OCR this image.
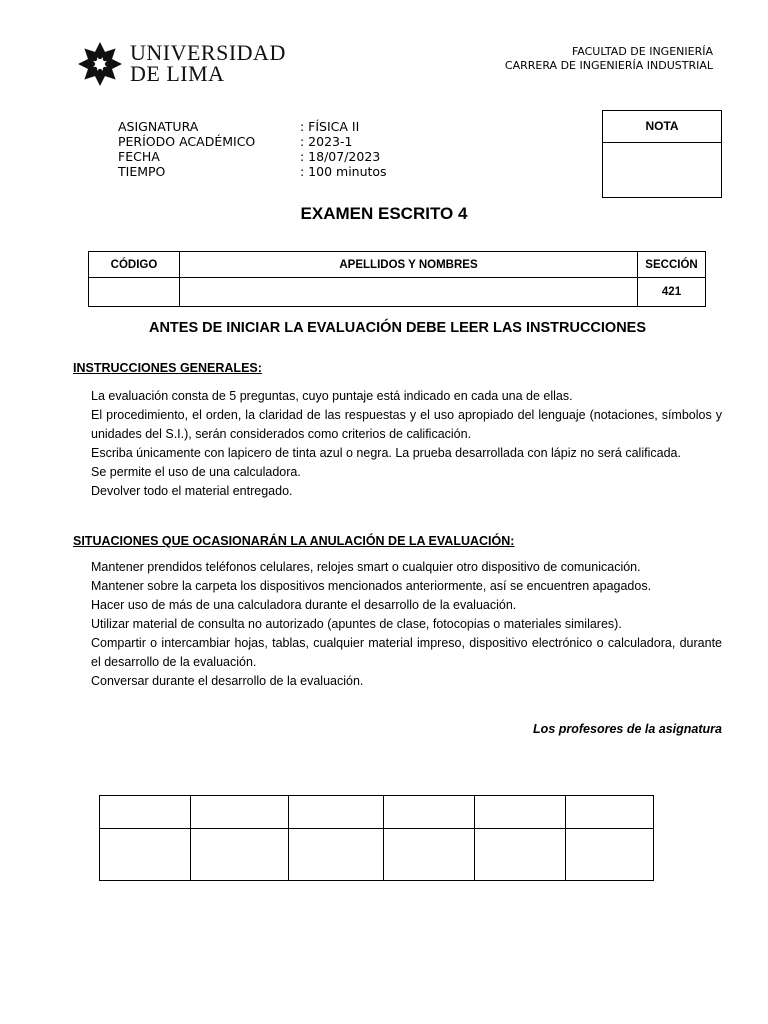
UNIVERSIDAD
DE LIMA
FACULTAD DE INGENIERÍA
CARRERA DE INGENIERÍA INDUSTRIAL
ASIGNATURA	: FÍSICA II
PERÍODO ACADÉMICO	: 2023-1
FECHA	: 18/07/2023
TIEMPO	: 100 minutos
NOTA
EXAMEN ESCRITO 4
CÓDIGO	APELLIDOS Y NOMBRES	SECCIÓN
		421
ANTES DE INICIAR LA EVALUACIÓN DEBE LEER LAS INSTRUCCIONES
INSTRUCCIONES GENERALES:
La evaluación consta de 5 preguntas, cuyo puntaje está indicado en cada una de ellas.
El procedimiento, el orden, la claridad de las respuestas y el uso apropiado del lenguaje (notaciones, símbolos y unidades del S.I.), serán considerados como criterios de calificación.
Escriba únicamente con lapicero de tinta azul o negra. La prueba desarrollada con lápiz no será calificada.
Se permite el uso de una calculadora.
Devolver todo el material entregado.
SITUACIONES QUE OCASIONARÁN LA ANULACIÓN DE LA EVALUACIÓN:
Mantener prendidos teléfonos celulares, relojes smart o cualquier otro dispositivo de comunicación.
Mantener sobre la carpeta los dispositivos mencionados anteriormente, así se encuentren apagados.
Hacer uso de más de una calculadora durante el desarrollo de la evaluación.
Utilizar material de consulta no autorizado (apuntes de clase, fotocopias o materiales similares).
Compartir o intercambiar hojas, tablas, cualquier material impreso, dispositivo electrónico o calculadora, durante el desarrollo de la evaluación.
Conversar durante el desarrollo de la evaluación.
Los profesores de la asignatura
